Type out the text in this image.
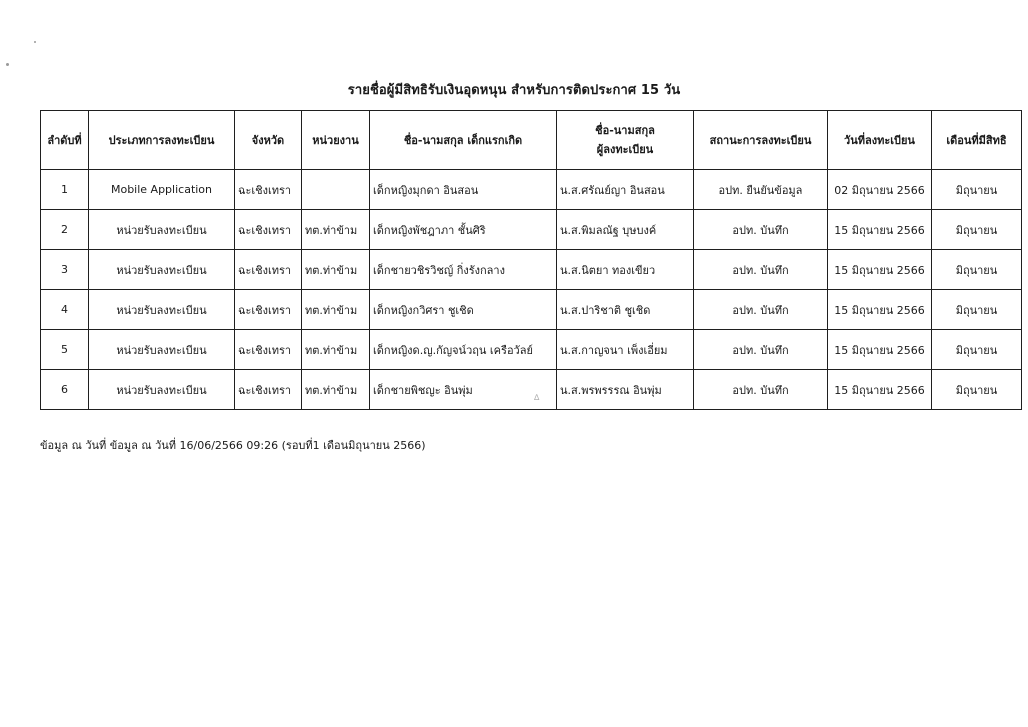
รายชื่อผู้มีสิทธิรับเงินอุดหนุน สำหรับการติดประกาศ 15 วัน
ลำดับที่	ประเภทการลงทะเบียน	จังหวัด	หน่วยงาน	ชื่อ-นามสกุล เด็กแรกเกิด	ชื่อ-นามสกุล
ผู้ลงทะเบียน	สถานะการลงทะเบียน	วันที่ลงทะเบียน	เดือนที่มีสิทธิ
1	Mobile Application	ฉะเชิงเทรา		เด็กหญิงมุกดา อินสอน	น.ส.ศรัณย์ญา อินสอน	อปท. ยืนยันข้อมูล	02 มิถุนายน 2566	มิถุนายน
2	หน่วยรับลงทะเบียน	ฉะเชิงเทรา	ทต.ท่าข้าม	เด็กหญิงพัชฎาภา ชั้นศิริ	น.ส.พิมลณัฐ บุษบงค์	อปท. บันทึก	15 มิถุนายน 2566	มิถุนายน
3	หน่วยรับลงทะเบียน	ฉะเชิงเทรา	ทต.ท่าข้าม	เด็กชายวชิรวิชญ์ กิ่งรังกลาง	น.ส.นิตยา ทองเขียว	อปท. บันทึก	15 มิถุนายน 2566	มิถุนายน
4	หน่วยรับลงทะเบียน	ฉะเชิงเทรา	ทต.ท่าข้าม	เด็กหญิงกวิศรา ชูเชิด	น.ส.ปาริชาติ ชูเชิด	อปท. บันทึก	15 มิถุนายน 2566	มิถุนายน
5	หน่วยรับลงทะเบียน	ฉะเชิงเทรา	ทต.ท่าข้าม	เด็กหญิงด.ญ.กัญจน์วฤน เครือวัลย์	น.ส.กาญจนา เพ็งเอี่ยม	อปท. บันทึก	15 มิถุนายน 2566	มิถุนายน
6	หน่วยรับลงทะเบียน	ฉะเชิงเทรา	ทต.ท่าข้าม	เด็กชายพิชญะ อินพุ่ม	น.ส.พรพรรรณ อินพุ่ม	อปท. บันทึก	15 มิถุนายน 2566	มิถุนายน
∆
ข้อมูล ณ วันที่ ข้อมูล ณ วันที่ 16/06/2566 09:26 (รอบที่1 เดือนมิถุนายน 2566)
